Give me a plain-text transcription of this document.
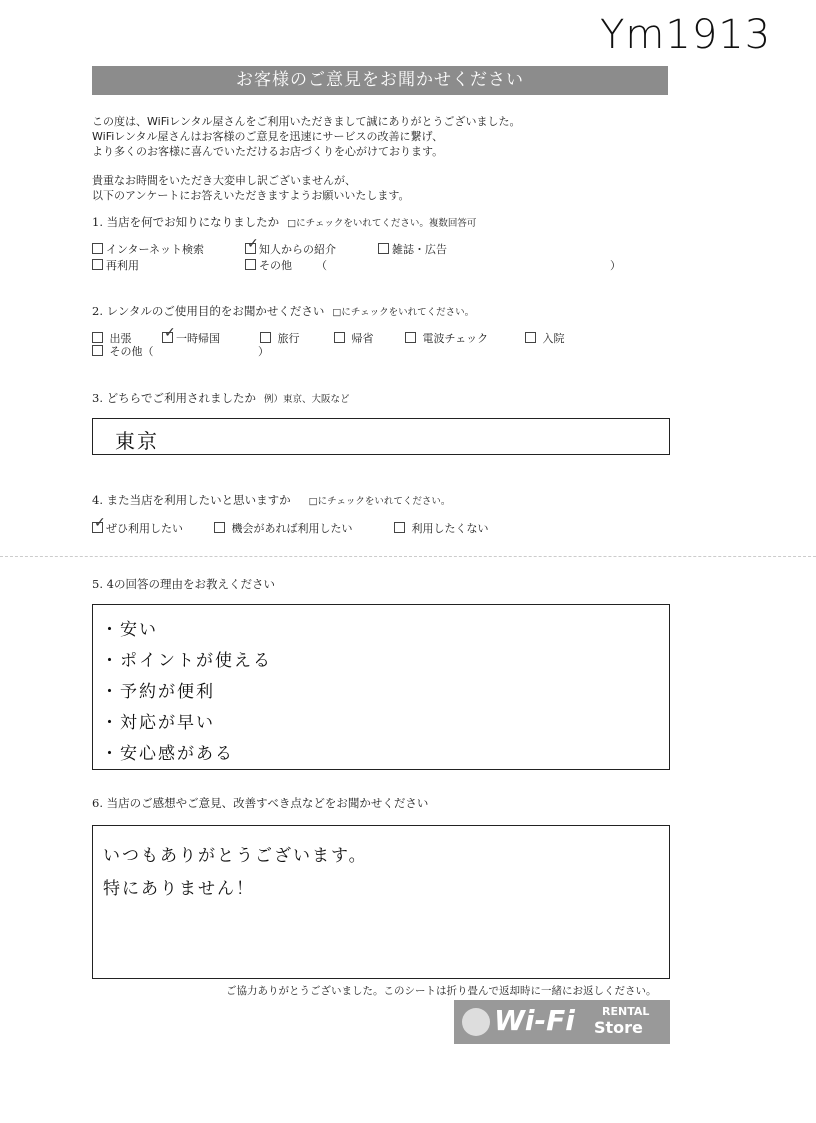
Ym1913
お客様のご意見をお聞かせください
この度は、WiFiレンタル屋さんをご利用いただきまして誠にありがとうございました。
WiFiレンタル屋さんはお客様のご意見を迅速にサービスの改善に繋げ、
より多くのお客様に喜んでいただけるお店づくりを心がけております。
貴重なお時間をいただき大変申し訳ございませんが、
以下のアンケートにお答えいただきますようお願いいたします。
1. 当店を何でお知りになりましたか □にチェックをいれてください。複数回答可
インターネット検索 ✓	知人からの紹介	雑誌・広告
再利用	その他 （	）
2. レンタルのご使用目的をお聞かせください □にチェックをいれてください。
出張 ✓	一時帰国	旅行	帰省	電波チェック	入院
その他（	）
3. どちらでご利用されましたか 例）東京、大阪など
東京
4. また当店を利用したいと思いますか □にチェックをいれてください。
✓ぜひ利用したい	機会があれば利用したい	利用したくない
5. 4の回答の理由をお教えください
・安い
・ポイントが使える
・予約が便利
・対応が早い
・安心感がある
6. 当店のご感想やご意見、改善すべき点などをお聞かせください
いつもありがとうございます。
特にありません！
ご協力ありがとうございました。このシートは折り畳んで返却時に一緒にお返しください。
Wi-Fi RENTAL
Store
